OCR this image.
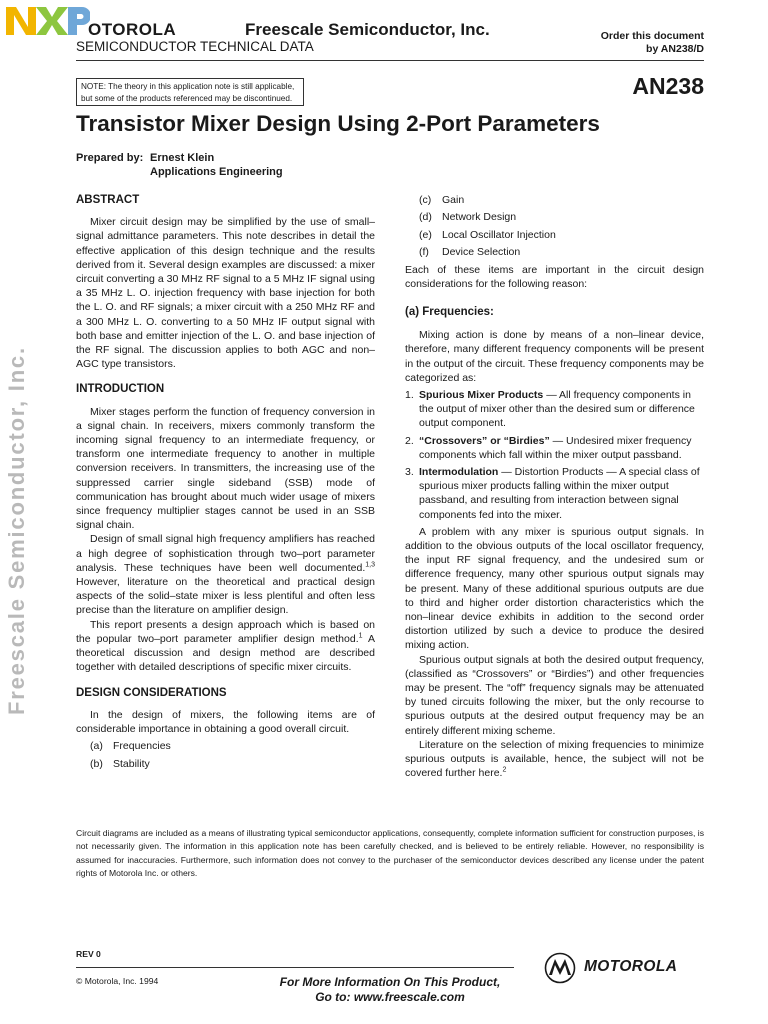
OTOROLA	Freescale Semiconductor, Inc.
SEMICONDUCTOR TECHNICAL DATA
Order this document
by AN238/D
NOTE: The theory in this application note is still applicable,
but some of the products referenced may be discontinued.	AN238
Transistor Mixer Design Using 2-Port Parameters
Prepared by: Ernest Klein
Applications Engineering
Freescale Semiconductor, Inc.
ABSTRACT

Mixer circuit design may be simplified by the use of small–signal admittance parameters. This note describes in detail the effective application of this design technique and the results derived from it. Several design examples are discussed: a mixer circuit converting a 30 MHz RF signal to a 5 MHz IF signal using a 35 MHz L. O. injection frequency with base injection for both the L. O. and RF signals; a mixer circuit with a 250 MHz RF and a 300 MHz L. O. converting to a 50 MHz IF output signal with both base and emitter injection of the L. O. and base injection of the RF signal. The discussion applies to both AGC and non–AGC type transistors.

INTRODUCTION

Mixer stages perform the function of frequency conversion in a signal chain. In receivers, mixers commonly transform the incoming signal frequency to an intermediate frequency, or transform one intermediate frequency to another in multiple conversion receivers. In transmitters, the increasing use of the suppressed carrier single sideband (SSB) mode of communication has brought about much wider usage of mixers since frequency multiplier stages cannot be used in an SSB signal chain.

Design of small signal high frequency amplifiers has reached a high degree of sophistication through two–port parameter analysis. These techniques have been well documented.$^{1,3}$ However, literature on the theoretical and practical design aspects of the solid–state mixer is less plentiful and often less precise than the literature on amplifier design.

This report presents a design approach which is based on the popular two–port parameter amplifier design method.$^1$ A theoretical discussion and design method are described together with detailed descriptions of specific mixer circuits.

DESIGN CONSIDERATIONS

In the design of mixers, the following items are of considerable importance in obtaining a good overall circuit.

(a) Frequencies
(b) Stability
(c) Gain
(d) Network Design
(e) Local Oscillator Injection
(f) Device Selection

Each of these items are important in the circuit design considerations for the following reason:

(a) Frequencies:

Mixing action is done by means of a non–linear device, therefore, many different frequency components will be present in the output of the circuit. These frequency components may be categorized as:

1. Spurious Mixer Products — All frequency components in the output of mixer other than the desired sum or difference output component.
2. “Crossovers” or “Birdies” — Undesired mixer frequency components which fall within the mixer output passband.
3. Intermodulation — Distortion Products — A special class of spurious mixer products falling within the mixer output passband, and resulting from interaction between signal components fed into the mixer.

A problem with any mixer is spurious output signals. In addition to the obvious outputs of the local oscillator frequency, the input RF signal frequency, and the undesired sum or difference frequency, many other spurious output signals may be present. Many of these additional spurious outputs are due to third and higher order distortion characteristics which the non–linear device exhibits in addition to the second order distortion utilized by such a device to produce the desired mixing action.

Spurious output signals at both the desired output frequency, (classified as “Crossovers” or “Birdies”) and other frequencies may be present. The “off” frequency signals may be attenuated by tuned circuits following the mixer, but the only recourse to spurious outputs at the desired output frequency may be an entirely different mixing scheme.

Literature on the selection of mixing frequencies to minimize spurious outputs is available, hence, the subject will not be covered further here.$^2$

Circuit diagrams are included as a means of illustrating typical semiconductor applications, consequently, complete information sufficient for construction purposes, is not necessarily given. The information in this application note has been carefully checked, and is believed to be entirely reliable. However, no responsibility is assumed for inaccuracies. Furthermore, such information does not convey to the purchaser of the semiconductor devices described any license under the patent rights of Motorola Inc. or others.
REV 0
© Motorola, Inc. 1994	For More Information On This Product,
Go to: www.freescale.com
MOTOROLA
